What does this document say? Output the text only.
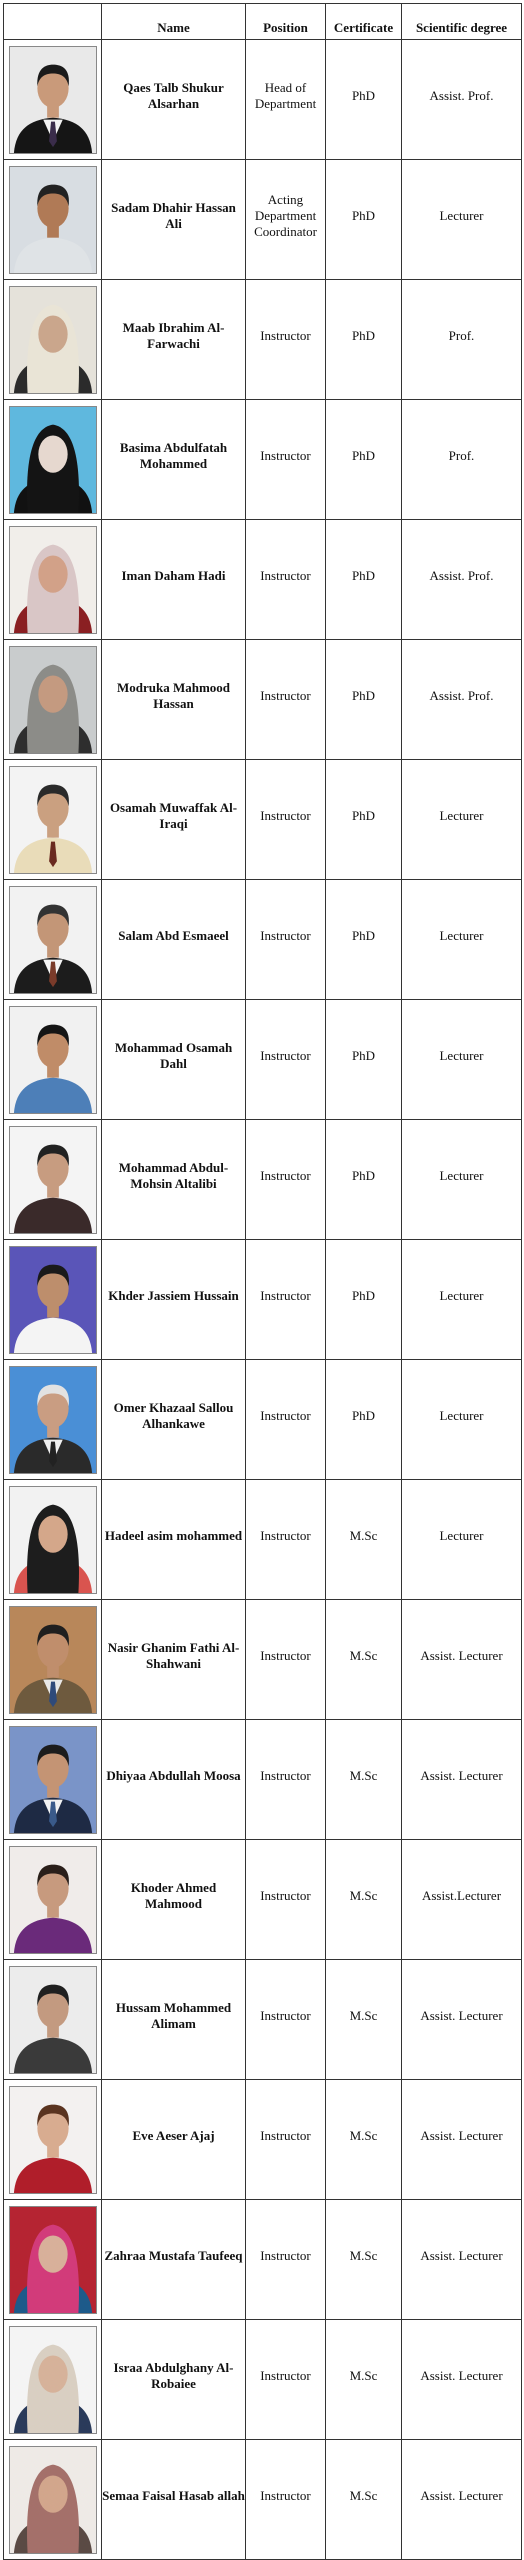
	Name	Position	Certificate	Scientific degree

	Qaes Talb Shukur Alsarhan	Head of Department	PhD	Assist. Prof.

	Sadam Dhahir Hassan Ali	Acting Department Coordinator	PhD	Lecturer

	Maab Ibrahim Al-Farwachi	Instructor	PhD	Prof.

	Basima Abdulfatah Mohammed	Instructor	PhD	Prof.

	Iman Daham Hadi	Instructor	PhD	Assist. Prof.

	Modruka Mahmood Hassan	Instructor	PhD	Assist. Prof.

	Osamah Muwaffak Al-Iraqi	Instructor	PhD	Lecturer

	Salam Abd Esmaeel	Instructor	PhD	Lecturer

	Mohammad Osamah Dahl	Instructor	PhD	Lecturer

	Mohammad Abdul-Mohsin Altalibi	Instructor	PhD	Lecturer

	Khder Jassiem Hussain	Instructor	PhD	Lecturer

	Omer Khazaal Sallou Alhankawe	Instructor	PhD	Lecturer

	Hadeel asim mohammed	Instructor	M.Sc	Lecturer

	Nasir Ghanim Fathi Al-Shahwani	Instructor	M.Sc	Assist. Lecturer

	Dhiyaa Abdullah Moosa	Instructor	M.Sc	Assist. Lecturer

	Khoder Ahmed Mahmood	Instructor	M.Sc	Assist.Lecturer

	Hussam Mohammed Alimam	Instructor	M.Sc	Assist. Lecturer

	Eve Aeser Ajaj	Instructor	M.Sc	Assist. Lecturer

	Zahraa Mustafa Taufeeq	Instructor	M.Sc	Assist. Lecturer

	Israa Abdulghany Al-Robaiee	Instructor	M.Sc	Assist. Lecturer

	Semaa Faisal Hasab allah	Instructor	M.Sc	Assist. Lecturer
